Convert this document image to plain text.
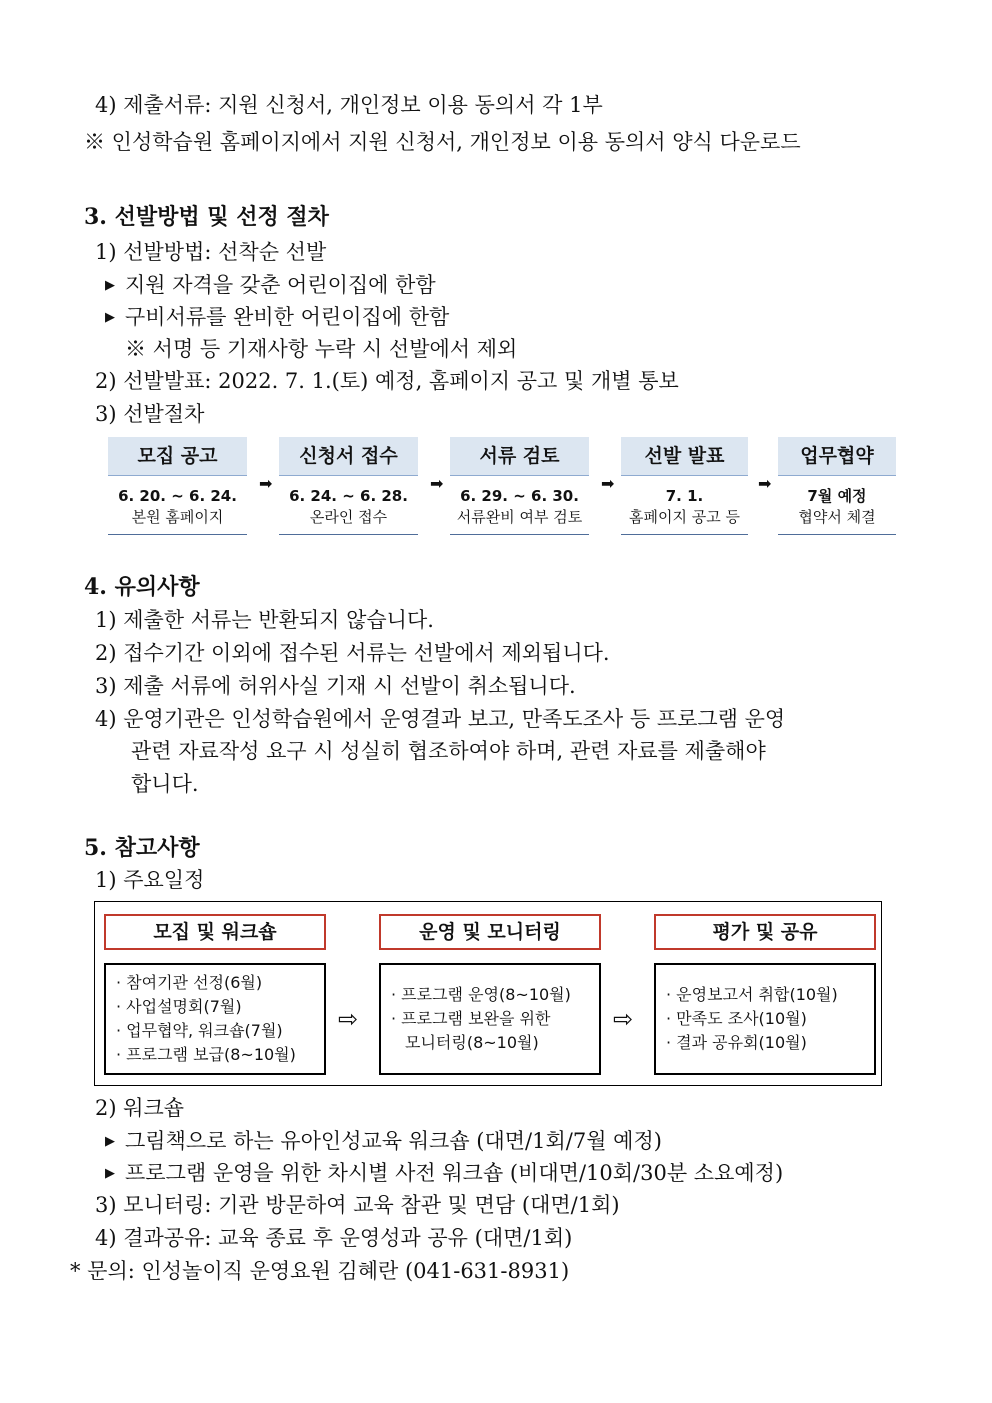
4) 제출서류: 지원 신청서, 개인정보 이용 동의서 각 1부
※ 인성학습원 홈페이지에서 지원 신청서, 개인정보 이용 동의서 양식 다운로드
3. 선발방법 및 선정 절차
1) 선발방법: 선착순 선발
▶ 지원 자격을 갖춘 어린이집에 한함
▶ 구비서류를 완비한 어린이집에 한함
※ 서명 등 기재사항 누락 시 선발에서 제외
2) 선발발표: 2022. 7. 1.(토) 예정, 홈페이지 공고 및 개별 통보
3) 선발절차
모집 공고
6. 20. ~ 6. 24.
본원 홈페이지
➡
신청서 접수
6. 24. ~ 6. 28.
온라인 접수
➡
서류 검토
6. 29. ~ 6. 30.
서류완비 여부 검토
➡
선발 발표
7. 1.
홈페이지 공고 등
➡
업무협약
7월 예정
협약서 체결
4. 유의사항
1) 제출한 서류는 반환되지 않습니다.
2) 접수기간 이외에 접수된 서류는 선발에서 제외됩니다.
3) 제출 서류에 허위사실 기재 시 선발이 취소됩니다.
4) 운영기관은 인성학습원에서 운영결과 보고, 만족도조사 등 프로그램 운영
관련 자료작성 요구 시 성실히 협조하여야 하며, 관련 자료를 제출해야
합니다.
5. 참고사항
1) 주요일정
모집 및 워크숍	운영 및 모니터링	평가 및 공유
· 참여기관 선정(6월)
· 사업설명회(7월)
· 업무협약, 워크숍(7월)
· 프로그램 보급(8~10월)
⇨
· 프로그램 운영(8~10월)
· 프로그램 보완을 위한
모니터링(8~10월)
⇨
· 운영보고서 취합(10월)
· 만족도 조사(10월)
· 결과 공유회(10월)
2) 워크숍
▶ 그림책으로 하는 유아인성교육 워크숍 (대면/1회/7월 예정)
▶ 프로그램 운영을 위한 차시별 사전 워크숍 (비대면/10회/30분 소요예정)
3) 모니터링: 기관 방문하여 교육 참관 및 면담 (대면/1회)
4) 결과공유: 교육 종료 후 운영성과 공유 (대면/1회)
* 문의: 인성놀이직 운영요원 김혜란 (041-631-8931)
